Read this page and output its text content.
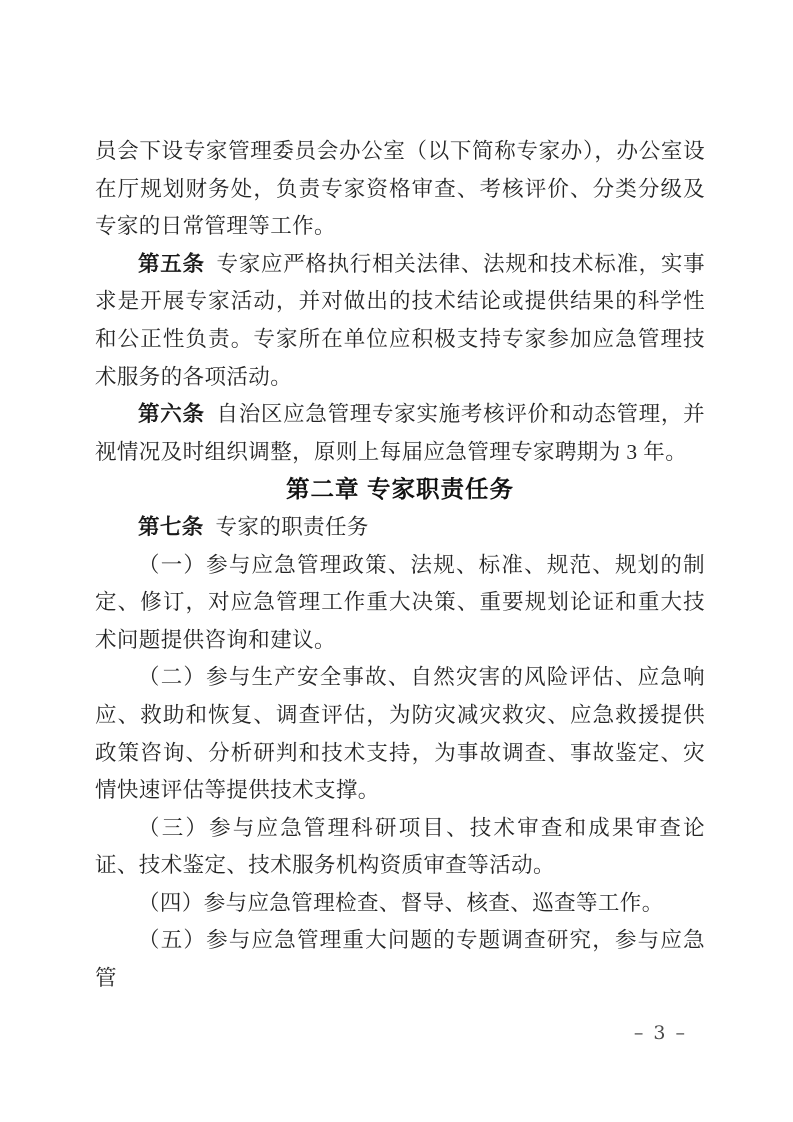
员会下设专家管理委员会办公室（以下简称专家办），办公室设在厅规划财务处，负责专家资格审查、考核评价、分类分级及专家的日常管理等工作。

第五条 专家应严格执行相关法律、法规和技术标准，实事求是开展专家活动，并对做出的技术结论或提供结果的科学性和公正性负责。专家所在单位应积极支持专家参加应急管理技术服务的各项活动。

第六条 自治区应急管理专家实施考核评价和动态管理，并视情况及时组织调整，原则上每届应急管理专家聘期为 3 年。

第二章 专家职责任务

第七条 专家的职责任务

（一）参与应急管理政策、法规、标准、规范、规划的制定、修订，对应急管理工作重大决策、重要规划论证和重大技术问题提供咨询和建议。

（二）参与生产安全事故、自然灾害的风险评估、应急响应、救助和恢复、调查评估，为防灾减灾救灾、应急救援提供政策咨询、分析研判和技术支持，为事故调查、事故鉴定、灾情快速评估等提供技术支撑。

（三）参与应急管理科研项目、技术审查和成果审查论证、技术鉴定、技术服务机构资质审查等活动。

（四）参与应急管理检查、督导、核查、巡查等工作。

（五）参与应急管理重大问题的专题调查研究，参与应急管

– 3 –
